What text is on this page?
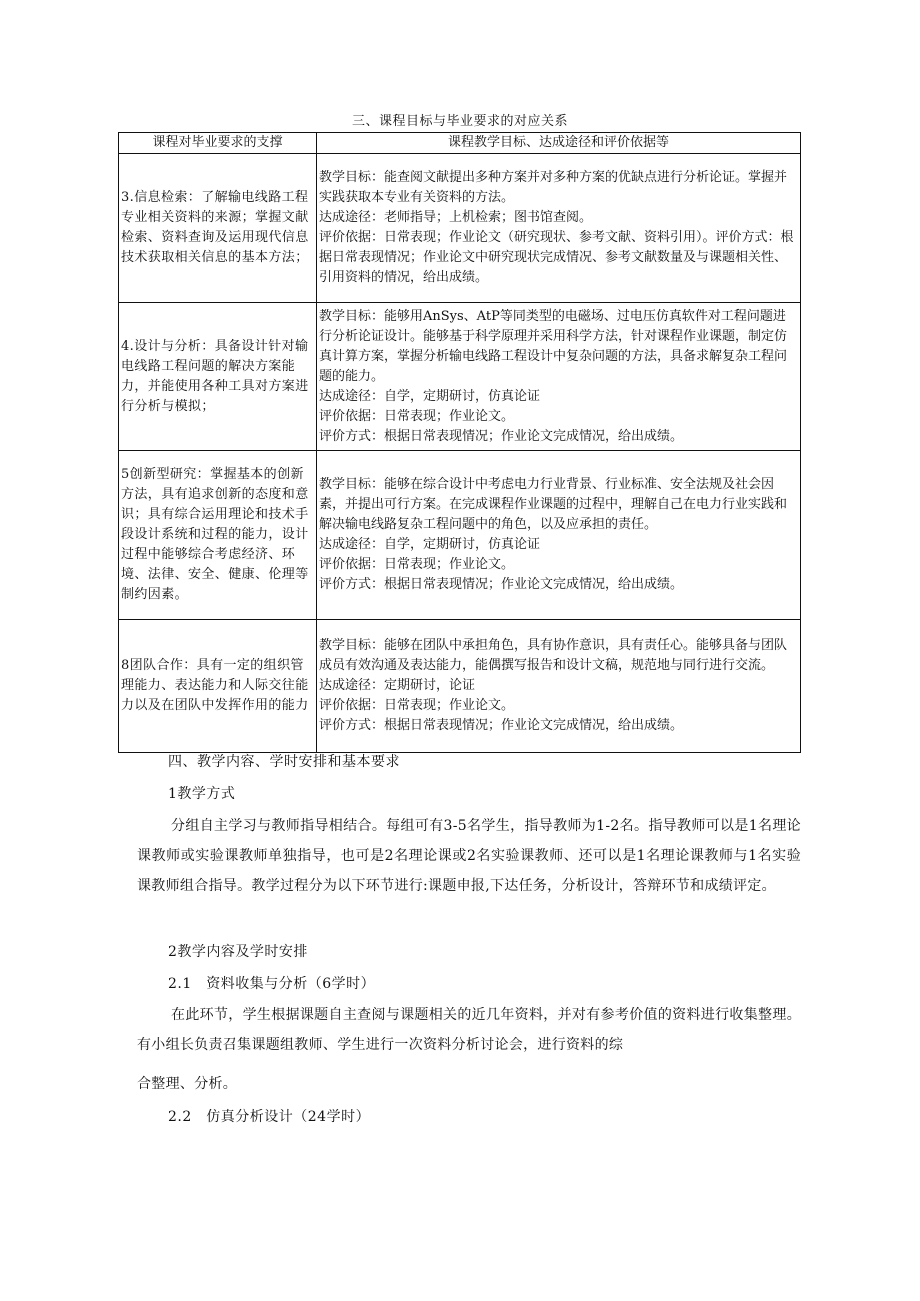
三、课程目标与毕业要求的对应关系
课程对毕业要求的支撑	课程教学目标、达成途径和评价依据等
3.信息检索：了解输电线路工程专业相关资料的来源；掌握文献检索、资料查询及运用现代信息技术获取相关信息的基本方法；	教学目标：能查阅文献提出多种方案并对多种方案的优缺点进行分析论证。掌握并实践获取本专业有关资料的方法。
达成途径：老师指导；上机检索；图书馆查阅。
评价依据：日常表现；作业论文（研究现状、参考文献、资料引用）。评价方式：根据日常表现情况；作业论文中研究现状完成情况、参考文献数量及与课题相关性、引用资料的情况，给出成绩。

4.设计与分析：具备设计针对输电线路工程问题的解决方案能力，并能使用各种工具对方案进行分析与模拟；	教学目标：能够用AnSys、AtP等同类型的电磁场、过电压仿真软件对工程问题进行分析论证设计。能够基于科学原理并采用科学方法，针对课程作业课题，制定仿真计算方案，掌握分析输电线路工程设计中复杂问题的方法，具备求解复杂工程问题的能力。
达成途径：自学，定期研讨，仿真论证
评价依据：日常表现；作业论文。
评价方式：根据日常表现情况；作业论文完成情况，给出成绩。

5创新型研究：掌握基本的创新方法，具有追求创新的态度和意识；具有综合运用理论和技术手段设计系统和过程的能力，设计过程中能够综合考虑经济、环境、法律、安全、健康、伦理等制约因素。	教学目标：能够在综合设计中考虑电力行业背景、行业标准、安全法规及社会因素，并提出可行方案。在完成课程作业课题的过程中，理解自己在电力行业实践和解决输电线路复杂工程问题中的角色，以及应承担的责任。
达成途径：自学，定期研讨，仿真论证
评价依据：日常表现；作业论文。
评价方式：根据日常表现情况；作业论文完成情况，给出成绩。

8团队合作：具有一定的组织管理能力、表达能力和人际交往能力以及在团队中发挥作用的能力	教学目标：能够在团队中承担角色，具有协作意识，具有责任心。能够具备与团队成员有效沟通及表达能力，能偶撰写报告和设计文稿，规范地与同行进行交流。
达成途径：定期研讨，论证
评价依据：日常表现；作业论文。
评价方式：根据日常表现情况；作业论文完成情况，给出成绩。
四、教学内容、学时安排和基本要求
1教学方式
分组自主学习与教师指导相结合。每组可有3-5名学生，指导教师为1-2名。指导教师可以是1名理论课教师或实验课教师单独指导，也可是2名理论课或2名实验课教师、还可以是1名理论课教师与1名实验课教师组合指导。教学过程分为以下环节进行:课题申报,下达任务，分析设计，答辩环节和成绩评定。
2教学内容及学时安排
2.1　资料收集与分析（6学时）
在此环节，学生根据课题自主查阅与课题相关的近几年资料，并对有参考价值的资料进行收集整理。有小组长负责召集课题组教师、学生进行一次资料分析讨论会，进行资料的综
合整理、分析。
2.2　仿真分析设计（24学时）
